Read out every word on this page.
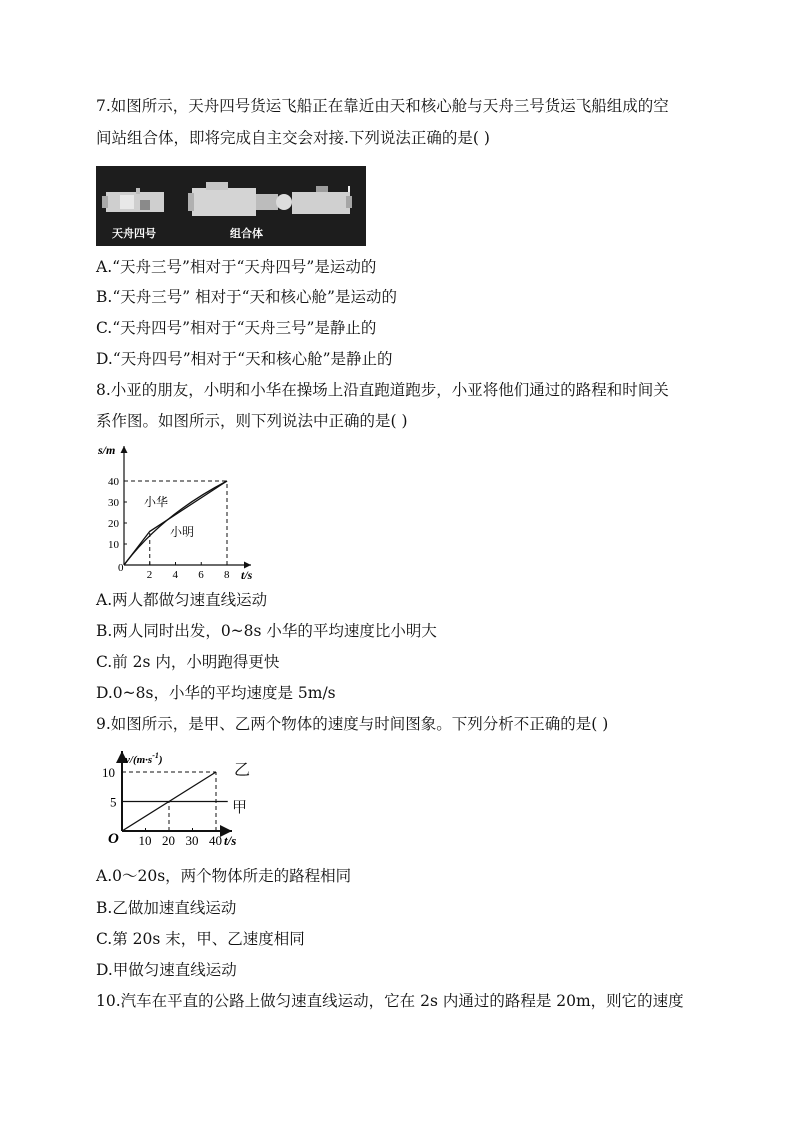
7.如图所示，天舟四号货运飞船正在靠近由天和核心舱与天舟三号货运飞船组成的空
间站组合体，即将完成自主交会对接.下列说法正确的是( )
天舟四号	组合体
A.“天舟三号”相对于“天舟四号”是运动的
B.“天舟三号” 相对于“天和核心舱”是运动的
C.“天舟四号”相对于“天舟三号”是静止的
D.“天舟四号”相对于“天和核心舱”是静止的
8.小亚的朋友，小明和小华在操场上沿直跑道跑步，小亚将他们通过的路程和时间关
系作图。如图所示，则下列说法中正确的是( )
s/m
t/s
0
2 4 6 8
10
20
30
40
小华
小明
A.两人都做匀速直线运动
B.两人同时出发，0~8s 小华的平均速度比小明大
C.前 2s 内，小明跑得更快
D.0~8s，小华的平均速度是 5m/s
9.如图所示，是甲、乙两个物体的速度与时间图象。下列分析不正确的是( )
$v/(m\cdot s^{-1})$
t/s
O 10 20 30 40
5
10	乙
甲
A.0～20s，两个物体所走的路程相同
B.乙做加速直线运动
C.第 20s 末，甲、乙速度相同
D.甲做匀速直线运动
10.汽车在平直的公路上做匀速直线运动，它在 2s 内通过的路程是 20m，则它的速度
